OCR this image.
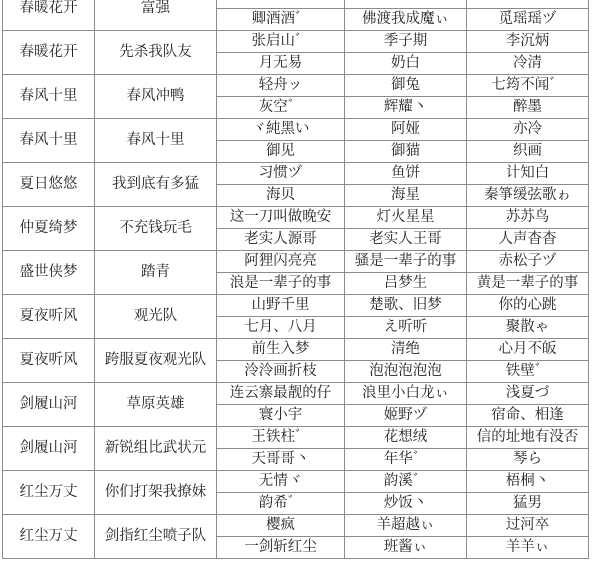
春暖花开	富强			
		卿酒酒゛	佛渡我成魔ぃ	觅瑶瑶ヅ
春暖花开	先杀我队友	张启山゛	季子期	李沉炳
		月无易	奶白	冷清
春风十里	春风冲鸭	轻舟ッ	御兔	七筠不闻゛
		灰空゛	辉耀丶	醉墨
春风十里	春风十里	ヾ純黑い	阿娅	亦冷
		御见	御猫	织画
夏日悠悠	我到底有多猛	习惯ヅ	鱼饼	计知白
		海贝	海星	秦箏缓弦歌ゎ
仲夏绮梦	不充钱玩毛	这一刀叫做晚安	灯火星星	苏苏鸟
		老实人源哥	老实人王哥	人声杳杳
盛世侠梦	踏青	阿狸闪亮亮	骚是一辈子的事	赤松子ヅ
		浪是一辈子的事	吕梦生	黄是一辈子的事
夏夜听风	观光队	山野千里	楚歌、旧梦	你的心跳
		七月、八月	え听听	聚散ゃ
夏夜听风	跨服夏夜观光队	前生入梦	清绝	心月不皈
		泠泠画折枝	泡泡泡泡泡	铁壁゛
剑履山河	草原英雄	连云寨最靓的仔	浪里小白龙ぃ	浅夏づ
		寰小宇	姬野ヅ	宿命、相逢
剑履山河	新锐组比武状元	王铁柱゛	花想绒	信的址地有没否
		天哥哥丶	年华゛	琴ら
红尘万丈	你们打架我撩妹	无情ヾ	韵溪゛	梧桐丶
		韵希゛	炒饭丶	猛男
红尘万丈	剑指红尘喷子队	樱疯	羊超越ぃ	过河卒
		一剑斩红尘	班酱ぃ	羊羊ぃ
